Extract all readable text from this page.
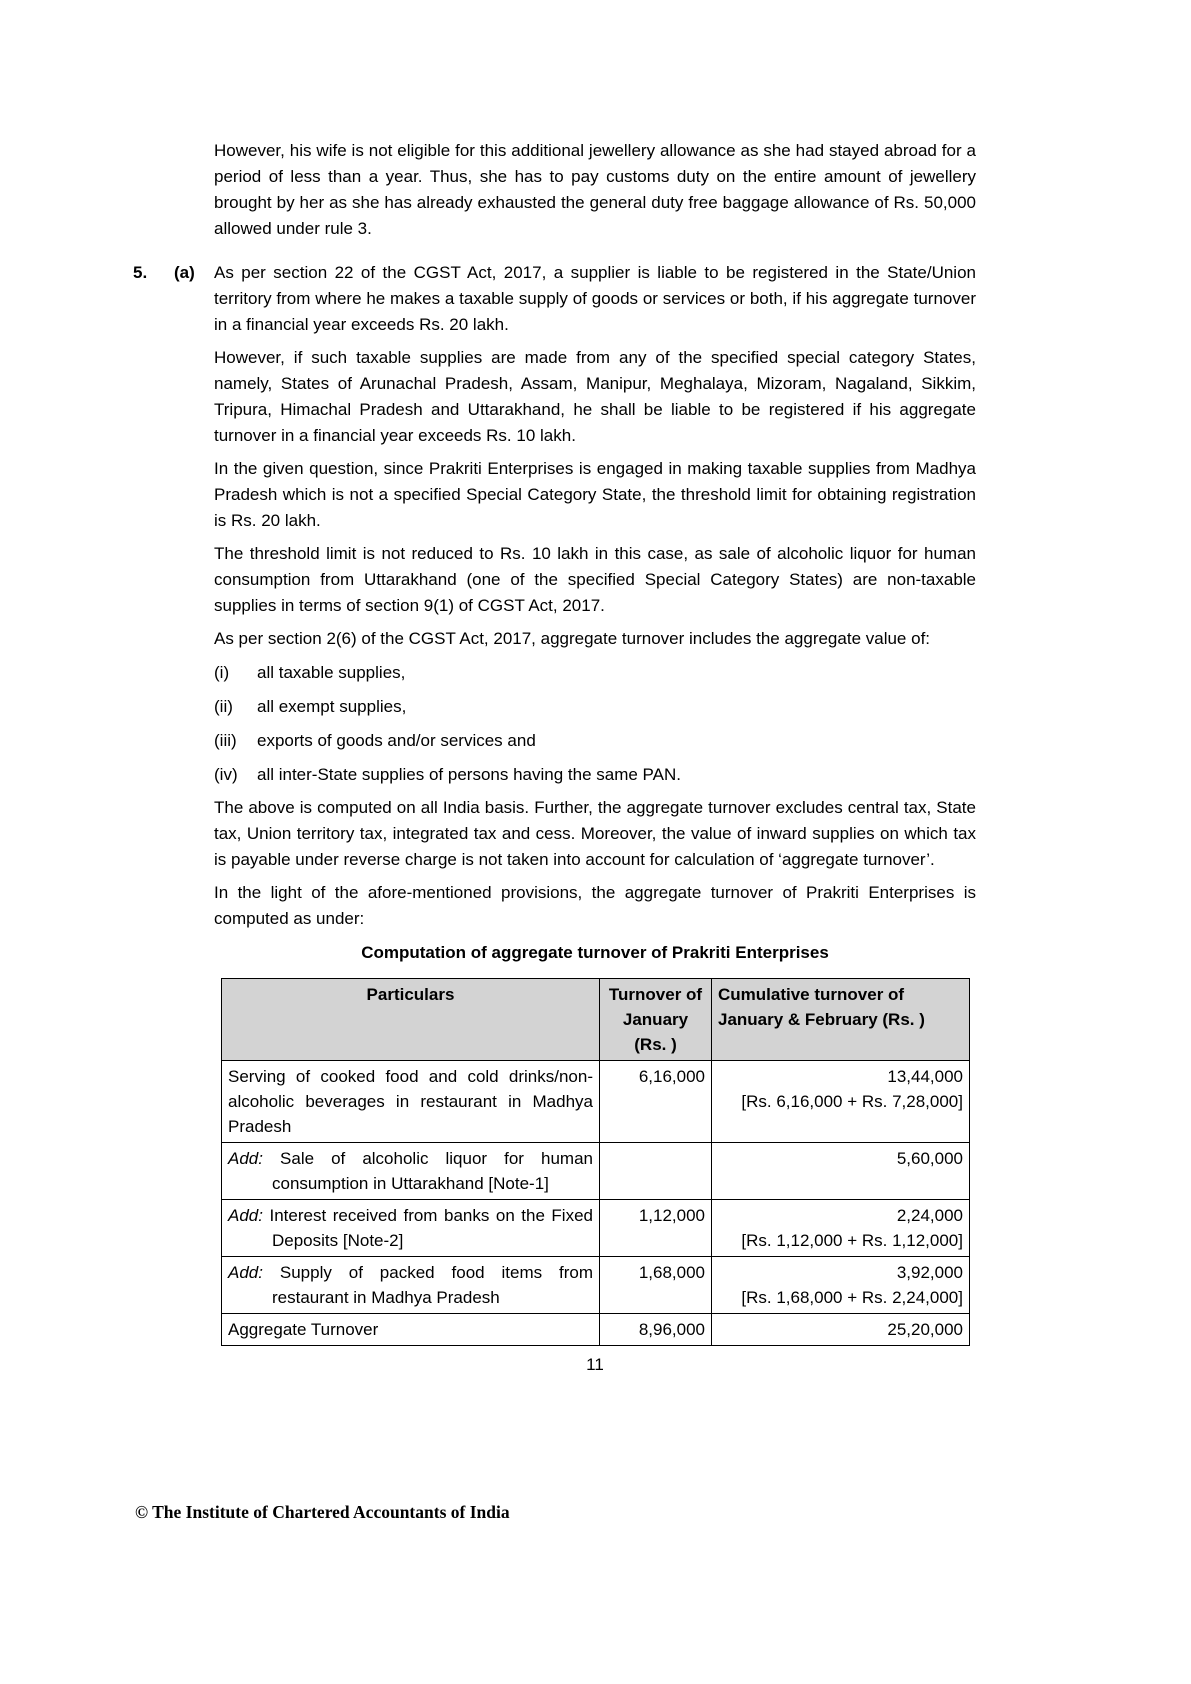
However, his wife is not eligible for this additional jewellery allowance as she had stayed abroad for a period of less than a year. Thus, she has to pay customs duty on the entire amount of jewellery brought by her as she has already exhausted the general duty free baggage allowance of Rs. 50,000 allowed under rule 3.

5. (a) As per section 22 of the CGST Act, 2017, a supplier is liable to be registered in the State/Union territory from where he makes a taxable supply of goods or services or both, if his aggregate turnover in a financial year exceeds Rs. 20 lakh.

However, if such taxable supplies are made from any of the specified special category States, namely, States of Arunachal Pradesh, Assam, Manipur, Meghalaya, Mizoram, Nagaland, Sikkim, Tripura, Himachal Pradesh and Uttarakhand, he shall be liable to be registered if his aggregate turnover in a financial year exceeds Rs. 10 lakh.

In the given question, since Prakriti Enterprises is engaged in making taxable supplies from Madhya Pradesh which is not a specified Special Category State, the threshold limit for obtaining registration is Rs. 20 lakh.

The threshold limit is not reduced to Rs. 10 lakh in this case, as sale of alcoholic liquor for human consumption from Uttarakhand (one of the specified Special Category States) are non-taxable supplies in terms of section 9(1) of CGST Act, 2017.

As per section 2(6) of the CGST Act, 2017, aggregate turnover includes the aggregate value of:

(i)	all taxable supplies,
(ii)	all exempt supplies,
(iii)	exports of goods and/or services and
(iv)	all inter-State supplies of persons having the same PAN.

The above is computed on all India basis. Further, the aggregate turnover excludes central tax, State tax, Union territory tax, integrated tax and cess. Moreover, the value of inward supplies on which tax is payable under reverse charge is not taken into account for calculation of ‘aggregate turnover’.

In the light of the afore-mentioned provisions, the aggregate turnover of Prakriti Enterprises is computed as under:

Computation of aggregate turnover of Prakriti Enterprises

Particulars	Turnover of January (Rs. )	Cumulative turnover of January & February (Rs. )
Serving of cooked food and cold drinks/non-alcoholic beverages in restaurant in Madhya Pradesh	6,16,000	13,44,000
[Rs. 6,16,000 + Rs. 7,28,000]

Add: Sale of alcoholic liquor for human consumption in Uttarakhand [Note-1]		5,60,000

Add: Interest received from banks on the Fixed Deposits [Note-2]	1,12,000	2,24,000
[Rs. 1,12,000 + Rs. 1,12,000]

Add: Supply of packed food items from restaurant in Madhya Pradesh	1,68,000	3,92,000
[Rs. 1,68,000 + Rs. 2,24,000]

Aggregate Turnover	8,96,000	25,20,000

11

© The Institute of Chartered Accountants of India
